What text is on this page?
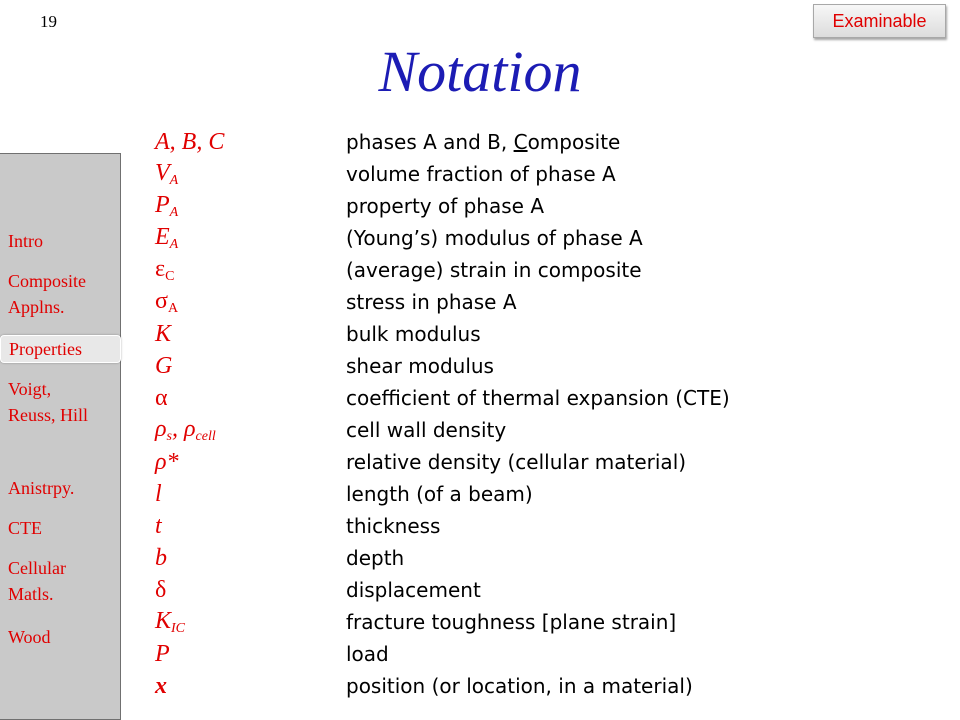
19	Examinable
Notation
Intro
Composite Applns.
Properties
Voigt, Reuss, Hill
Anistrpy.
CTE
Cellular Matls.
Wood
A, B, C	phases A and B, Composite
$V_A$	volume fraction of phase A
$P_A$	property of phase A
$E_A$	(Young’s) modulus of phase A
$\varepsilon_C$	(average) strain in composite
$\sigma_A$	stress in phase A
K	bulk modulus
G	shear modulus
α	coefficient of thermal expansion (CTE)
$\rho_s$, $\rho_{cell}$	cell wall density
ρ*	relative density (cellular material)
l	length (of a beam)
t	thickness
b	depth
δ	displacement
$K_{IC}$	fracture toughness [plane strain]
P	load
x	position (or location, in a material)
